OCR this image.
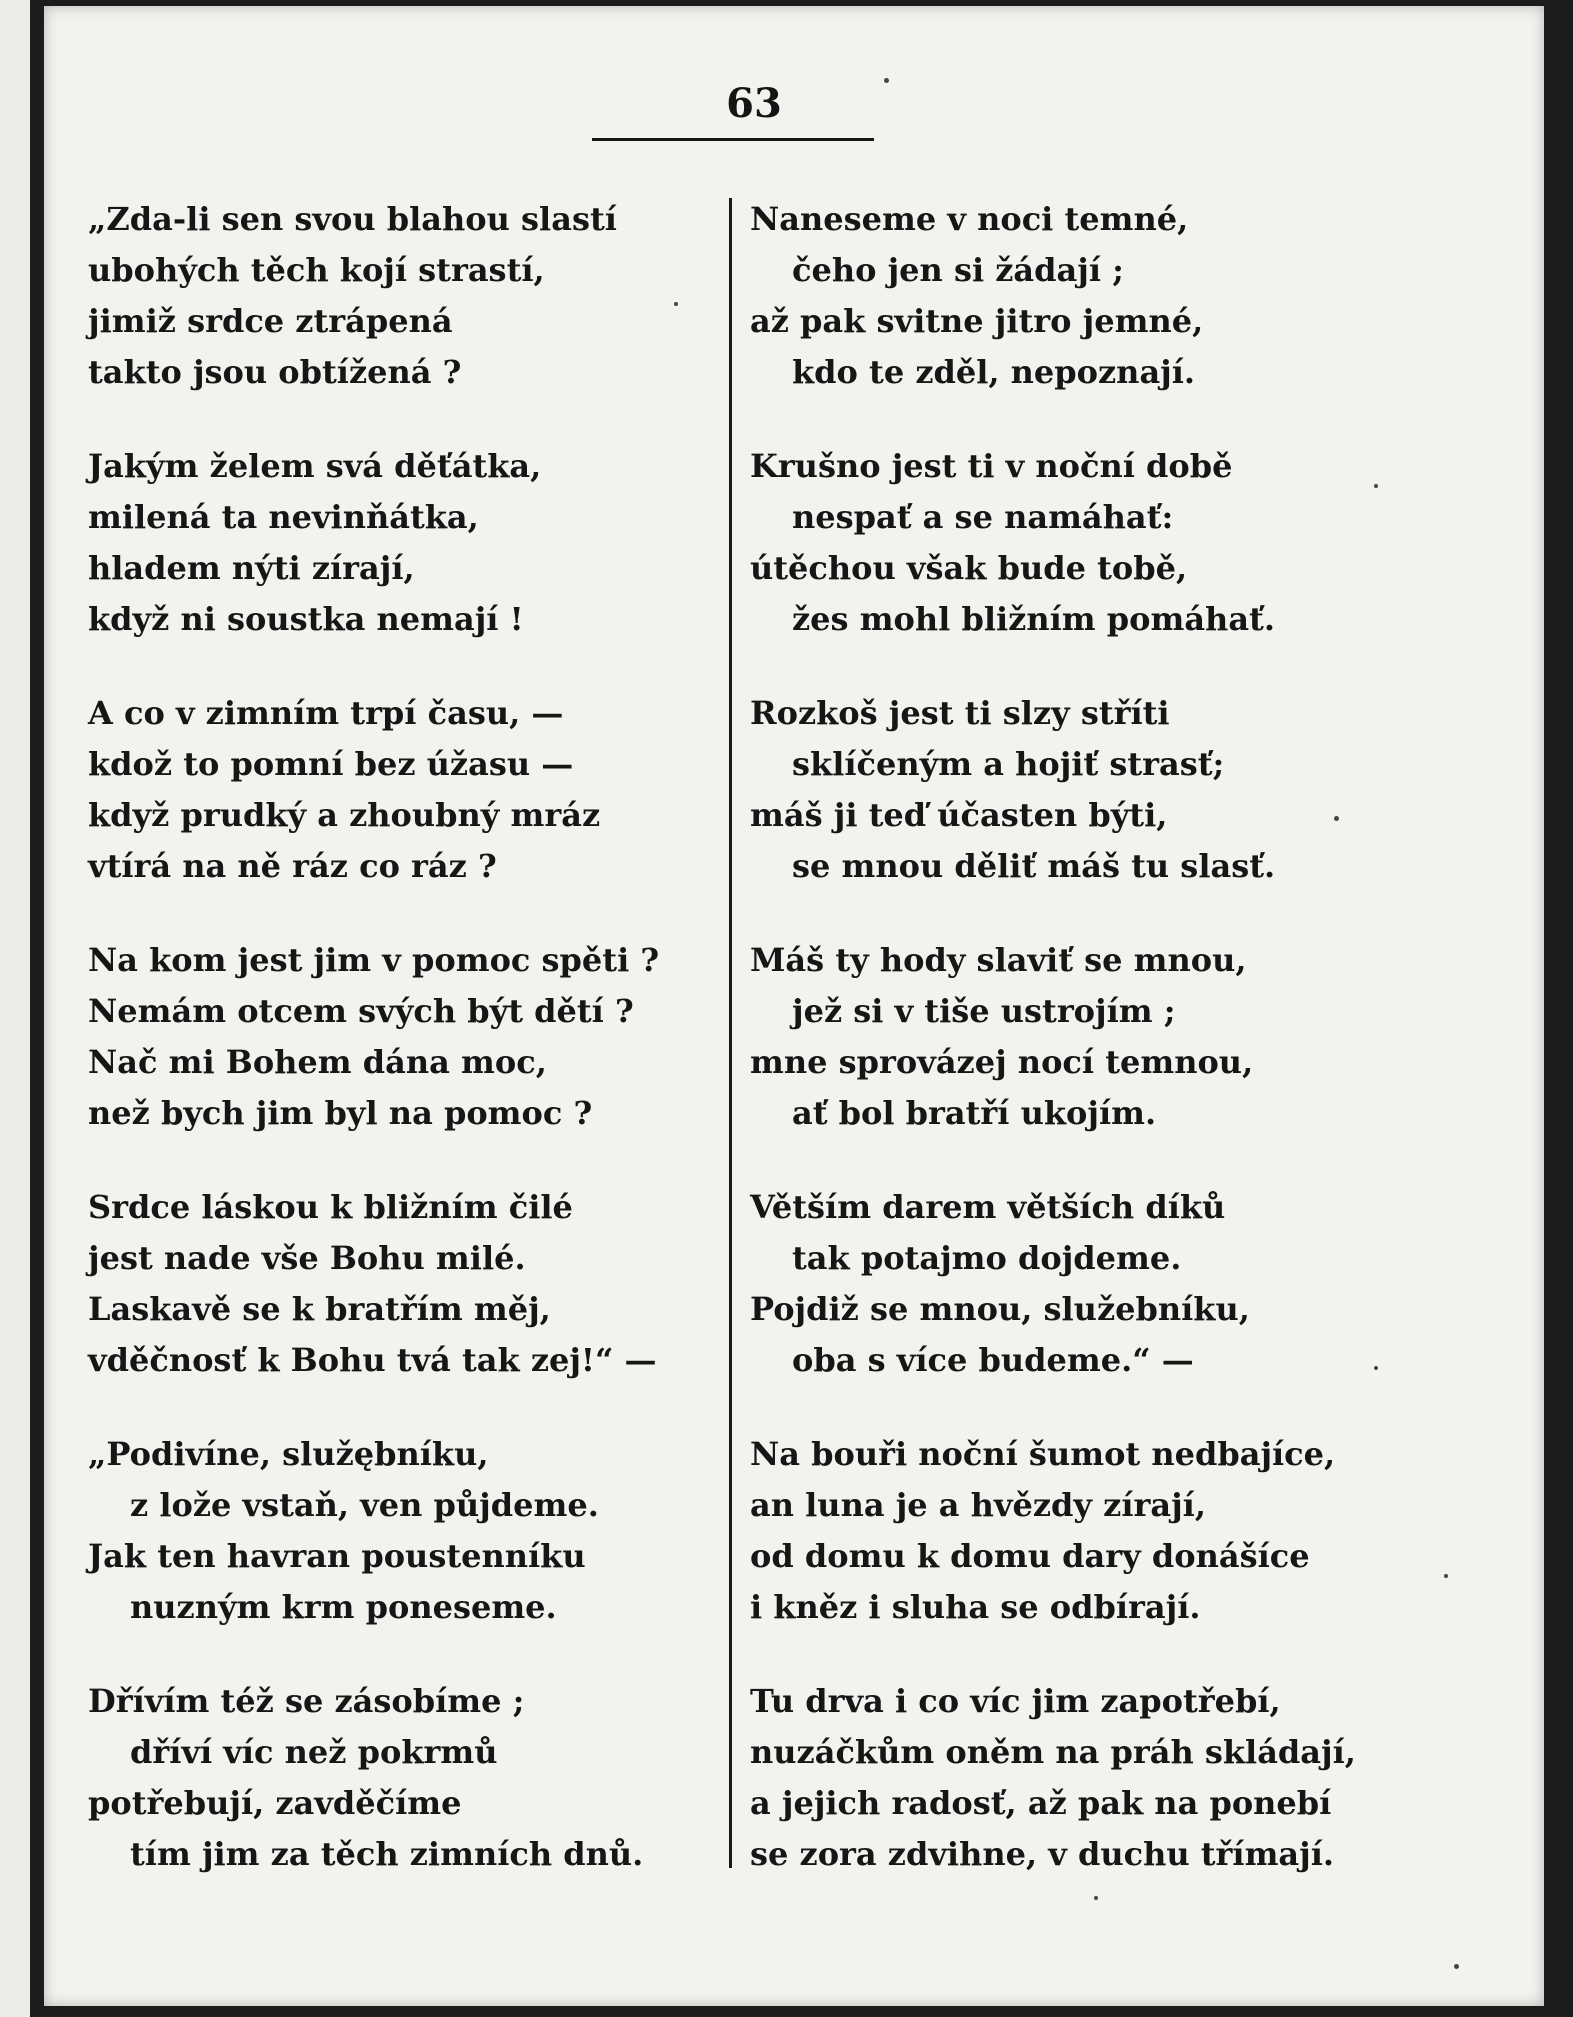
63
„Zda-li sen svou blahou slastí
ubohých těch kojí strastí,
jimiž srdce ztrápená
takto jsou obtížená ?
Jakým želem svá děťátka,
milená ta nevinňátka,
hladem nýti zírají,
když ni soustka nemají !
A co v zimním trpí času, —
kdož to pomní bez úžasu —
když prudký a zhoubný mráz
vtírá na ně ráz co ráz ?
Na kom jest jim v pomoc spěti ?
Nemám otcem svých být dětí ?
Nač mi Bohem dána moc,
než bych jim byl na pomoc ?
Srdce láskou k bližním čilé
jest nade vše Bohu milé.
Laskavě se k bratřím měj,
vděčnosť k Bohu tvá tak zej!“ —
„Podivíne, služębníku,
z lože vstaň, ven půjdeme.
Jak ten havran poustenníku
nuzným krm poneseme.
Dřívím též se zásobíme ;
dříví víc než pokrmů
potřebují, zavděčíme
tím jim za těch zimních dnů.
Naneseme v noci temné,
čeho jen si žádají ;
až pak svitne jitro jemné,
kdo te zděl, nepoznají.
Krušno jest ti v noční době
nespať a se namáhať:
útěchou však bude tobě,
žes mohl bližním pomáhať.
Rozkoš jest ti slzy stříti
sklíčeným a hojiť strasť;
máš ji teď účasten býti,
se mnou děliť máš tu slasť.
Máš ty hody slaviť se mnou,
jež si v tiše ustrojím ;
mne sprovázej nocí temnou,
ať bol bratří ukojím.
Větším darem větších díků
tak potajmo dojdeme.
Pojdiž se mnou, služebníku,
oba s více budeme.“ —
Na bouři noční šumot nedbajíce,
an luna je a hvězdy zírají,
od domu k domu dary donášíce
i kněz i sluha se odbírají.
Tu drva i co víc jim zapotřebí,
nuzáčkům oněm na práh skládají,
a jejich radosť, až pak na ponebí
se zora zdvihne, v duchu třímají.
